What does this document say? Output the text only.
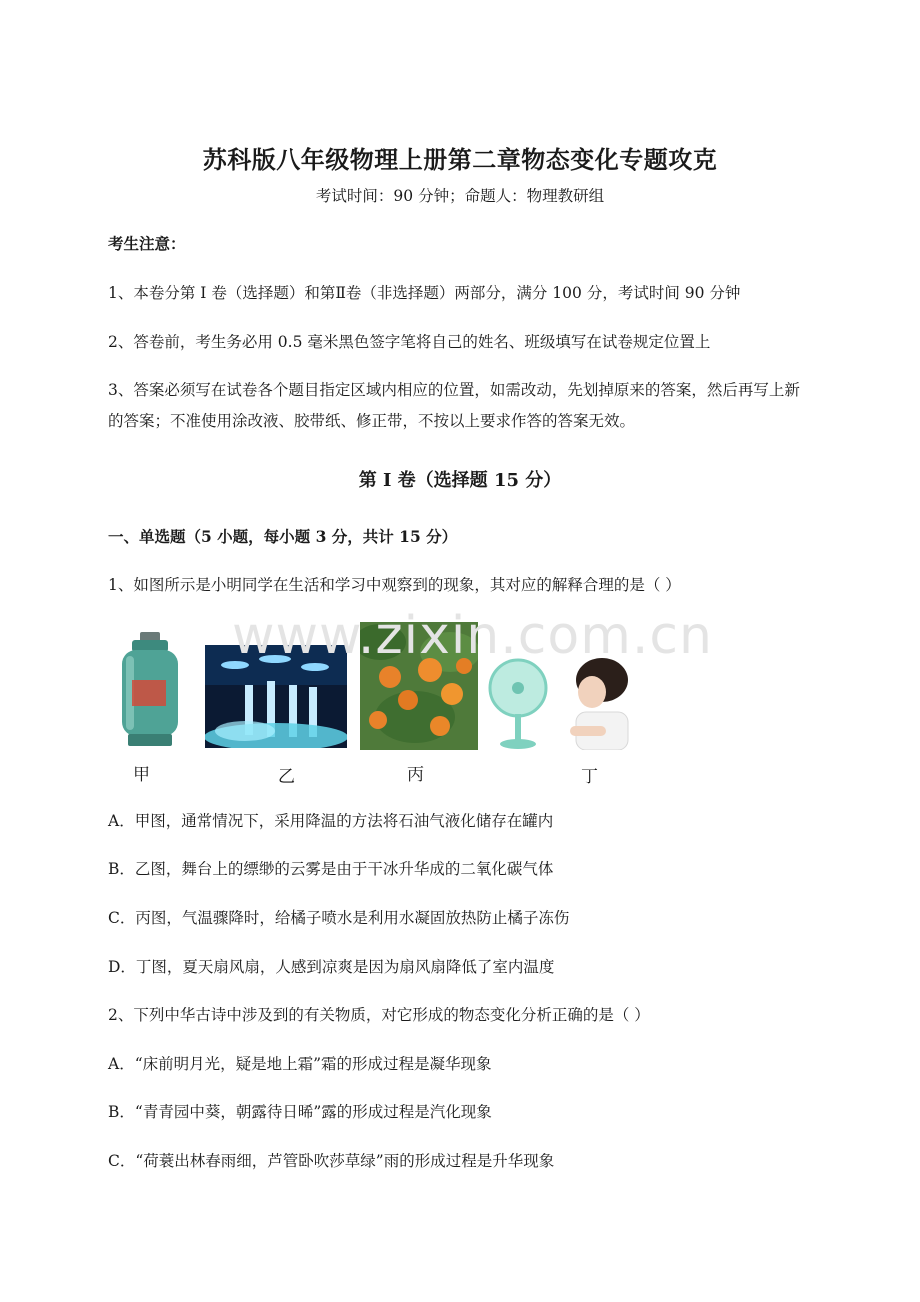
苏科版八年级物理上册第二章物态变化专题攻克
考试时间：90 分钟；命题人：物理教研组
考生注意：
1、本卷分第 I 卷（选择题）和第Ⅱ卷（非选择题）两部分，满分 100 分，考试时间 90 分钟
2、答卷前，考生务必用 0.5 毫米黑色签字笔将自己的姓名、班级填写在试卷规定位置上
3、答案必须写在试卷各个题目指定区域内相应的位置，如需改动，先划掉原来的答案，然后再写上新
的答案；不准使用涂改液、胶带纸、修正带，不按以上要求作答的答案无效。
第 I 卷（选择题 15 分）
一、单选题（5 小题，每小题 3 分，共计 15 分）
1、如图所示是小明同学在生活和学习中观察到的现象，其对应的解释合理的是（ ）
甲	乙	丙	丁
www.zixin.com.cn
A．甲图，通常情况下，采用降温的方法将石油气液化储存在罐内
B．乙图，舞台上的缥缈的云雾是由于干冰升华成的二氧化碳气体
C．丙图，气温骤降时，给橘子喷水是利用水凝固放热防止橘子冻伤
D．丁图，夏天扇风扇，人感到凉爽是因为扇风扇降低了室内温度
2、下列中华古诗中涉及到的有关物质，对它形成的物态变化分析正确的是（ ）
A．“床前明月光，疑是地上霜”霜的形成过程是凝华现象
B．“青青园中葵，朝露待日晞”露的形成过程是汽化现象
C．“荷蓑出林春雨细，芦管卧吹莎草绿”雨的形成过程是升华现象
